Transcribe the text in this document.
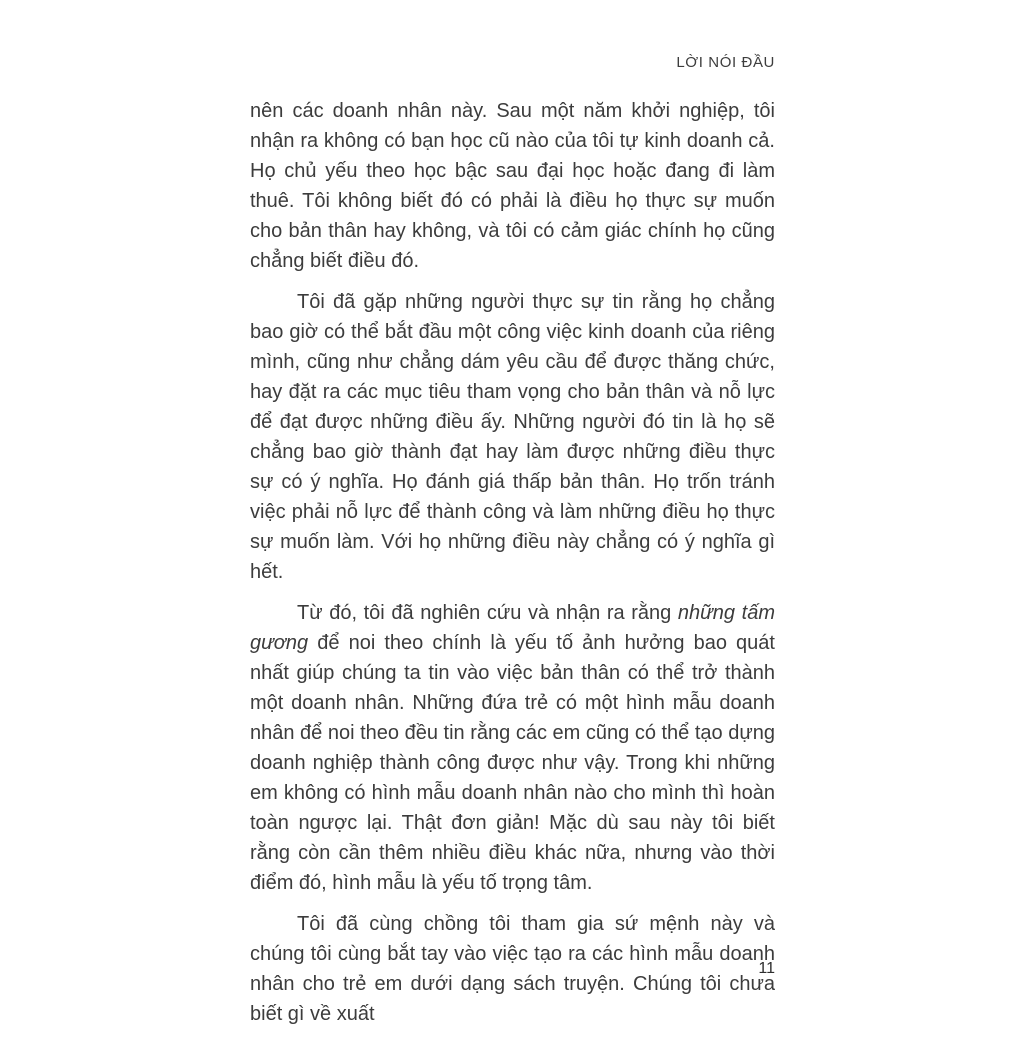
LỜI NÓI ĐẦU

nên các doanh nhân này. Sau một năm khởi nghiệp, tôi nhận ra không có bạn học cũ nào của tôi tự kinh doanh cả. Họ chủ yếu theo học bậc sau đại học hoặc đang đi làm thuê. Tôi không biết đó có phải là điều họ thực sự muốn cho bản thân hay không, và tôi có cảm giác chính họ cũng chẳng biết điều đó.

Tôi đã gặp những người thực sự tin rằng họ chẳng bao giờ có thể bắt đầu một công việc kinh doanh của riêng mình, cũng như chẳng dám yêu cầu để được thăng chức, hay đặt ra các mục tiêu tham vọng cho bản thân và nỗ lực để đạt được những điều ấy. Những người đó tin là họ sẽ chẳng bao giờ thành đạt hay làm được những điều thực sự có ý nghĩa. Họ đánh giá thấp bản thân. Họ trốn tránh việc phải nỗ lực để thành công và làm những điều họ thực sự muốn làm. Với họ những điều này chẳng có ý nghĩa gì hết.

Từ đó, tôi đã nghiên cứu và nhận ra rằng những tấm gương để noi theo chính là yếu tố ảnh hưởng bao quát nhất giúp chúng ta tin vào việc bản thân có thể trở thành một doanh nhân. Những đứa trẻ có một hình mẫu doanh nhân để noi theo đều tin rằng các em cũng có thể tạo dựng doanh nghiệp thành công được như vậy. Trong khi những em không có hình mẫu doanh nhân nào cho mình thì hoàn toàn ngược lại. Thật đơn giản! Mặc dù sau này tôi biết rằng còn cần thêm nhiều điều khác nữa, nhưng vào thời điểm đó, hình mẫu là yếu tố trọng tâm.

Tôi đã cùng chồng tôi tham gia sứ mệnh này và chúng tôi cùng bắt tay vào việc tạo ra các hình mẫu doanh nhân cho trẻ em dưới dạng sách truyện. Chúng tôi chưa biết gì về xuất

11
